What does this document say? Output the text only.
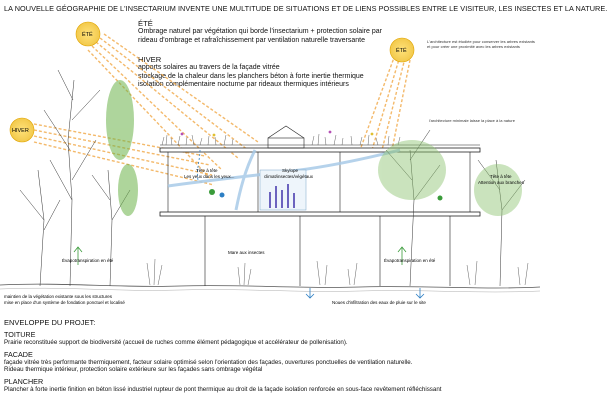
LA NOUVELLE GÉOGRAPHIE DE L'INSECTARIUM INVENTE UNE MULTITUDE DE SITUATIONS ET DE LIENS POSSIBLES ENTRE LE VISITEUR, LES INSECTES ET LA NATURE.
ÉTÉ
Ombrage naturel par végétation qui borde l'insectarium + protection solaire par
rideau d'ombrage et rafraîchissement par ventilation naturelle traversante
HIVER
apports solaires au travers de la façade vitrée
stockage de la chaleur dans les planchers béton à forte inertie thermique
isolation complémentaire nocturne par rideaux thermiques intérieurs
L'architecture est étudiée pour conserver les arbres existants et pour créer une proximité avec les arbres existants
l'architecture minimale laisse la place à la nature
ÉTÉ
HIVER
ÉTÉ
Tête à tête Les yeux dans les yeux...
Skylope climat/insectes/végétaux	Tête à tête Attention aux branches
Mare aux insectes
Évapotranspiration en été	Évapotranspiration en été
Noues d'infiltration des eaux de pluie sur le site
maintien de la végétation existante sous les structures mise en place d'un système de fondation ponctuel et localisé
ENVELOPPE DU PROJET:
TOITURE
Prairie reconstituée support de biodiversité (accueil de ruches comme élément pédagogique et accélérateur de pollenisation).
FACADE
façade vitrée très performante thermiquement, facteur solaire optimisé selon l'orientation des façades, ouvertures ponctuelles de ventilation naturelle.
Rideau thermique intérieur, protection solaire extérieure sur les façades sans ombrage végétal
PLANCHER
Plancher à forte inertie finition en béton lissé industriel rupteur de pont thermique au droit de la façade isolation renforcée en sous-face revêtement réfléchissant
